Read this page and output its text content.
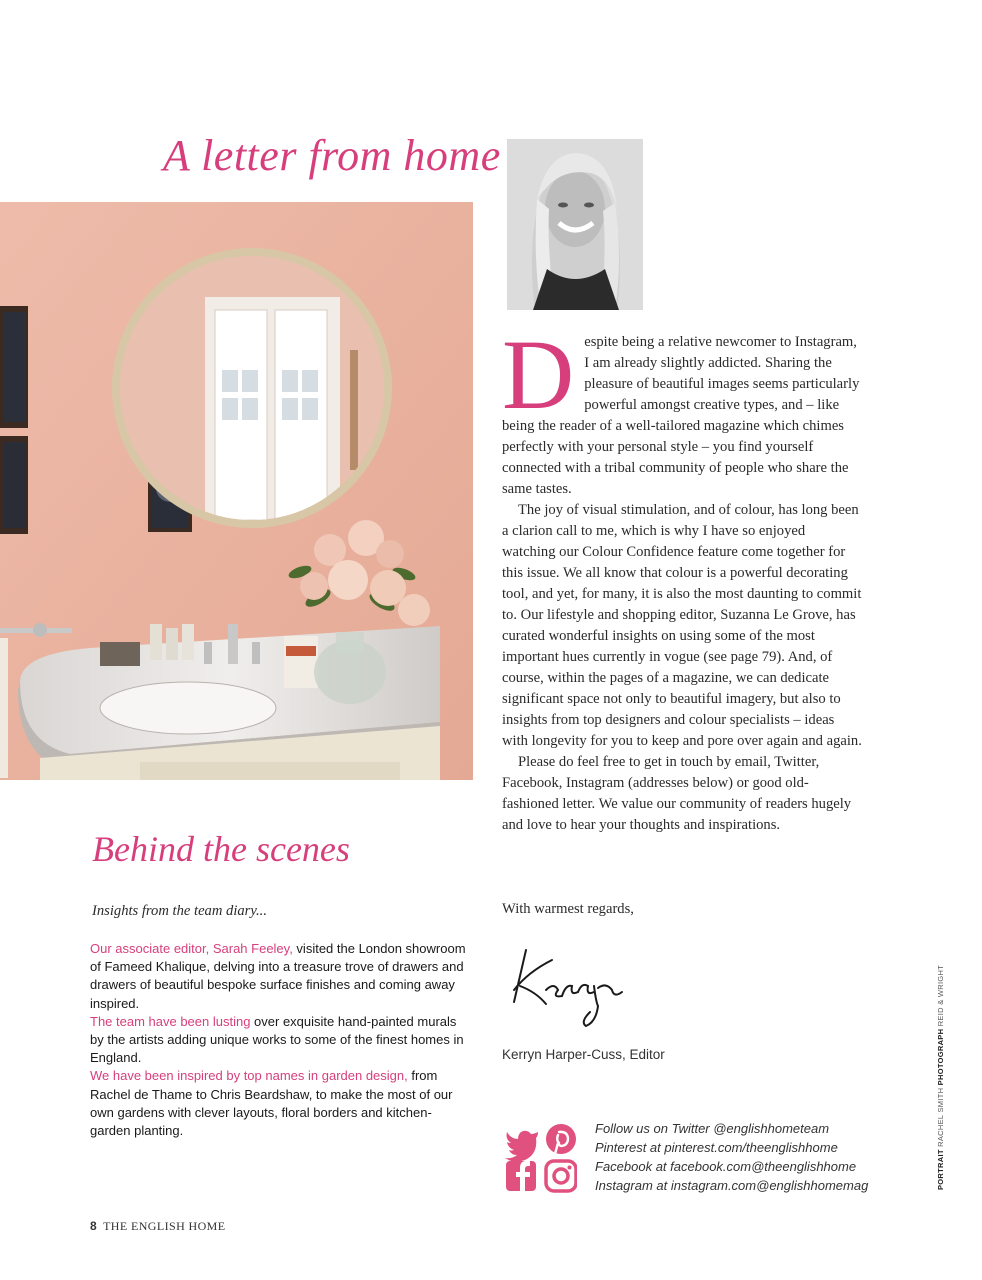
A letter from home

Despite being a relative newcomer to Instagram, I am already slightly addicted. Sharing the pleasure of beautiful images seems particularly powerful amongst creative types, and – like being the reader of a well-tailored magazine which chimes perfectly with your personal style – you find yourself connected with a tribal community of people who share the same tastes.

The joy of visual stimulation, and of colour, has long been a clarion call to me, which is why I have so enjoyed watching our Colour Confidence feature come together for this issue. We all know that colour is a powerful decorating tool, and yet, for many, it is also the most daunting to commit to. Our lifestyle and shopping editor, Suzanna Le Grove, has curated wonderful insights on using some of the most important hues currently in vogue (see page 79). And, of course, within the pages of a magazine, we can dedicate significant space not only to beautiful imagery, but also to insights from top designers and colour specialists – ideas with longevity for you to keep and pore over again and again.

Please do feel free to get in touch by email, Twitter, Facebook, Instagram (addresses below) or good old-fashioned letter. We value our community of readers hugely and love to hear your thoughts and inspirations.

With warmest regards,
Kerryn Harper-Cuss, Editor
Behind the scenes
Insights from the team diary...
Our associate editor, Sarah Feeley, visited the London showroom of Fameed Khalique, delving into a treasure trove of drawers and drawers of beautiful bespoke surface finishes and coming away inspired.
The team have been lusting over exquisite hand-painted murals by the artists adding unique works to some of the finest homes in England.
We have been inspired by top names in garden design, from Rachel de Thame to Chris Beardshaw, to make the most of our own gardens with clever layouts, floral borders and kitchen-garden planting.	Follow us on Twitter @englishhometeam
Pinterest at pinterest.com/theenglishhome
Facebook at facebook.com@theenglishhome
Instagram at instagram.com@englishhomemag	PORTRAIT RACHEL SMITH PHOTOGRAPH REID & WRIGHT
8 THE ENGLISH HOME
